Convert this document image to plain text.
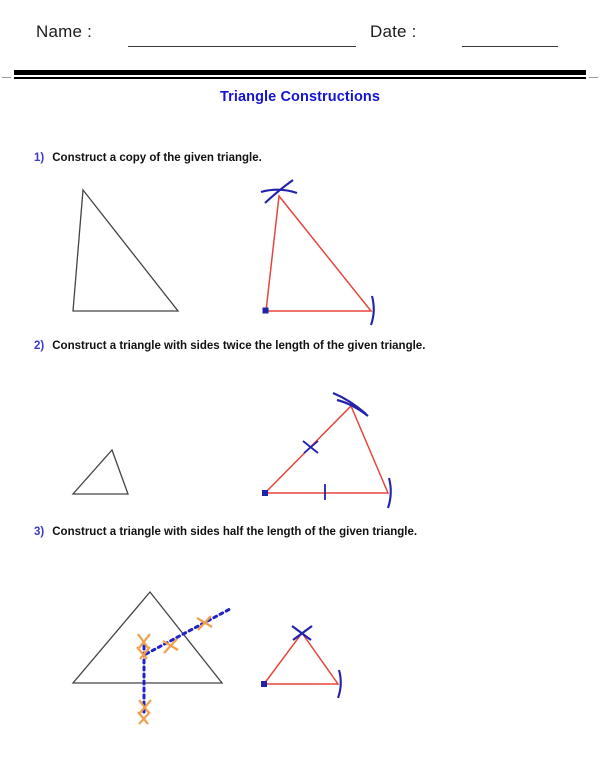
Name :	Date :
Triangle Constructions
1) Construct a copy of the given triangle.
2) Construct a triangle with sides twice the length of the given triangle.
3) Construct a triangle with sides half the length of the given triangle.
